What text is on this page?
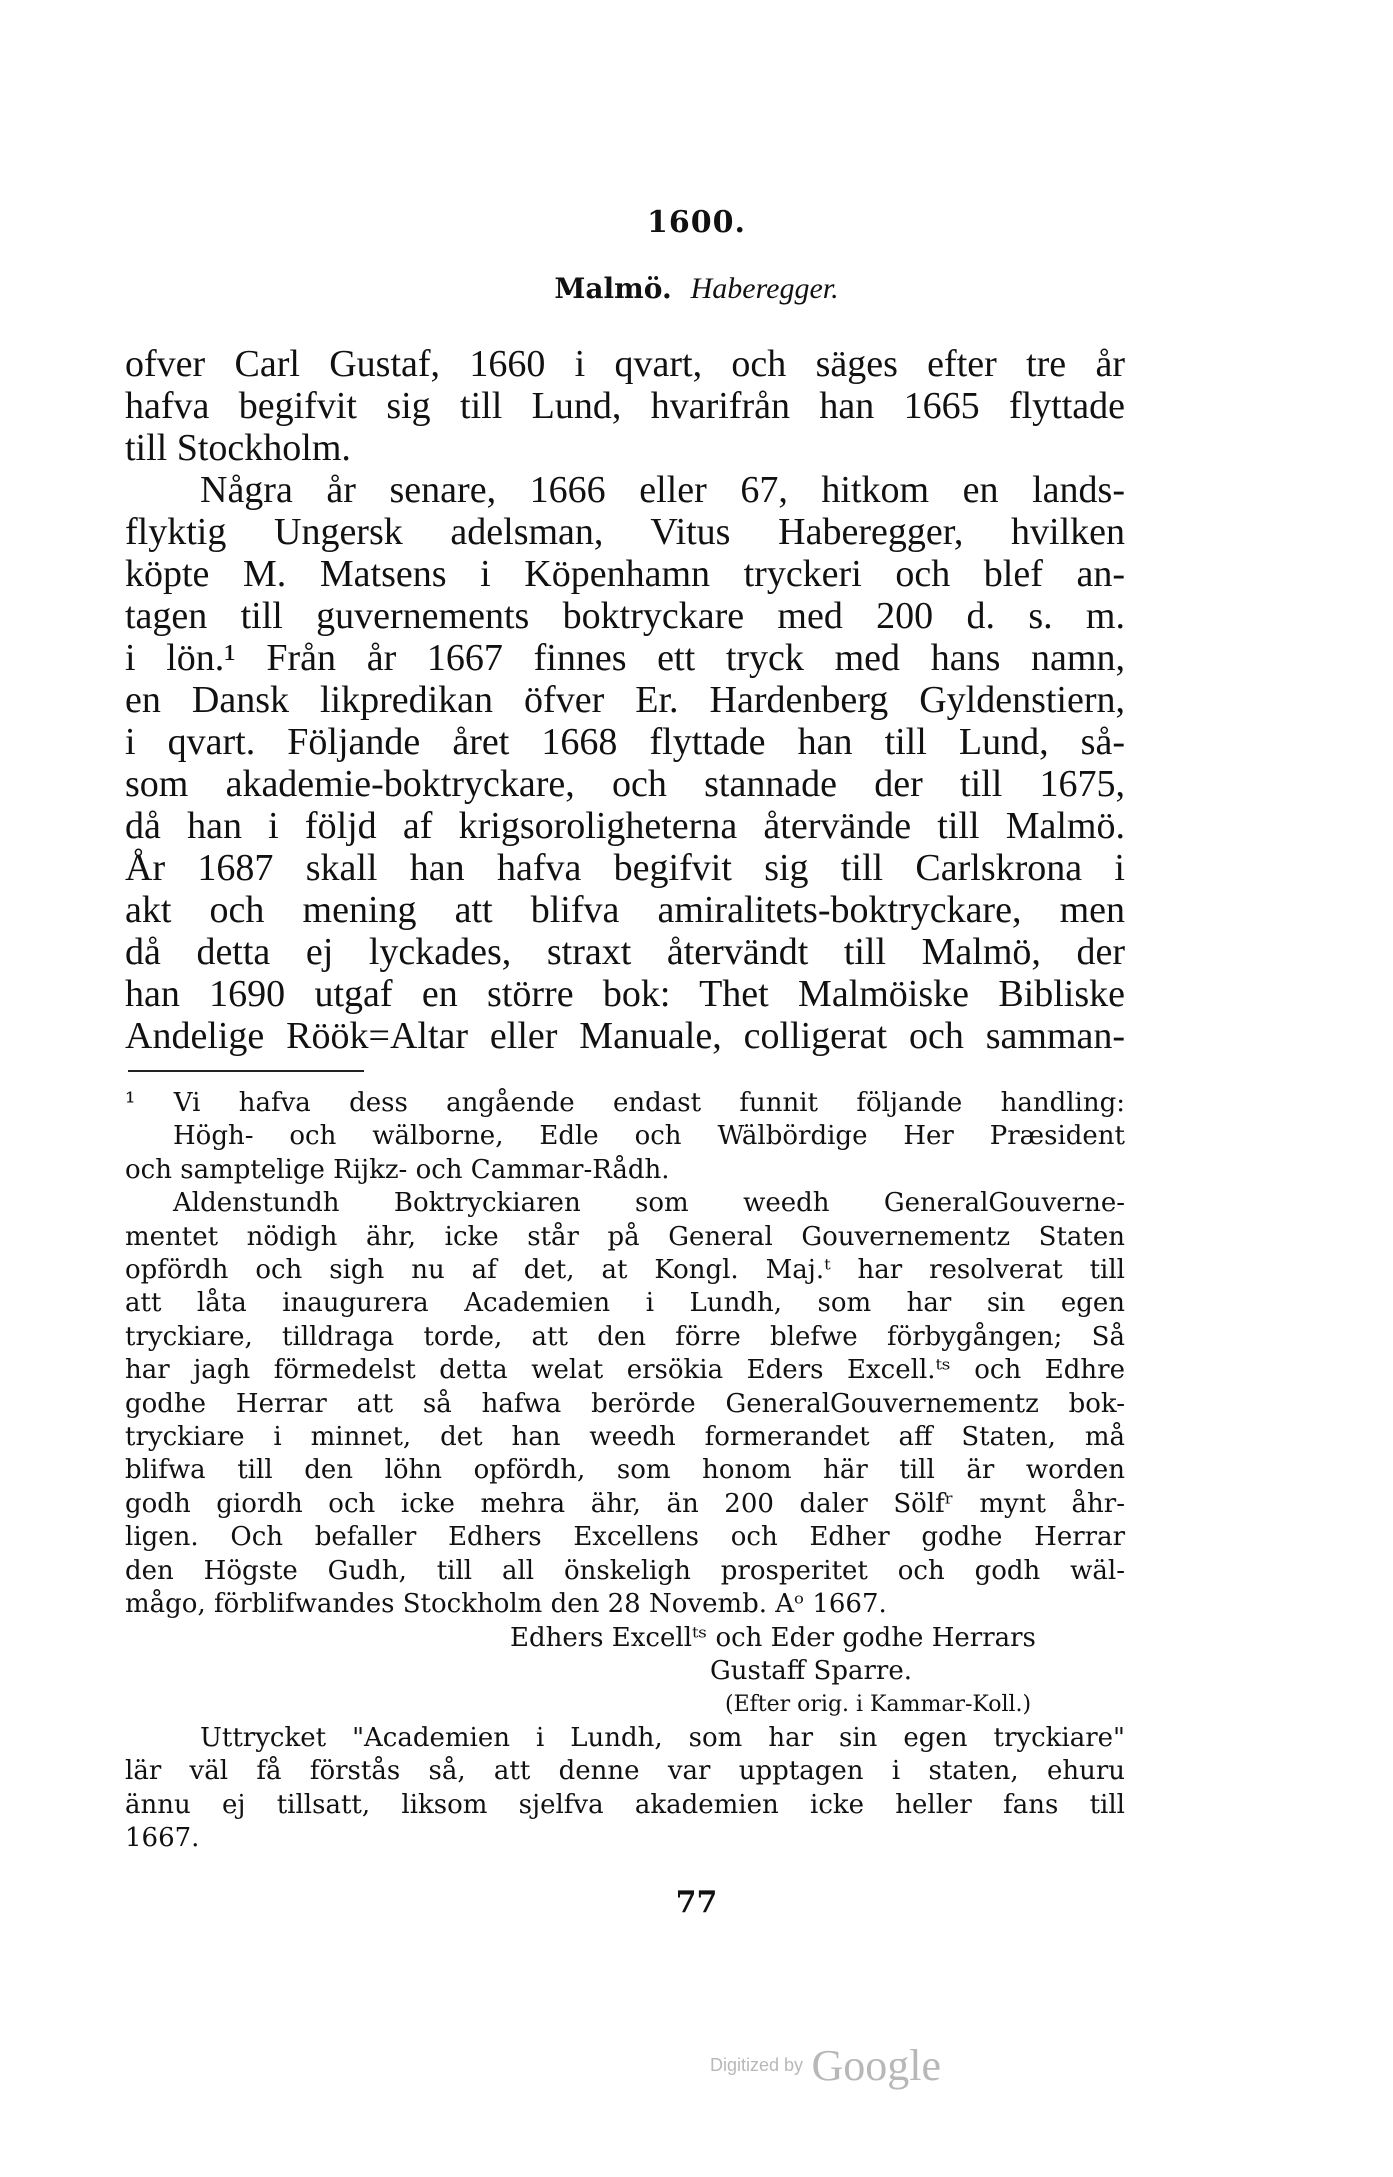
1600.
Malmö. Haberegger.
ofver Carl Gustaf, 1660 i qvart, och säges efter tre år
hafva begifvit sig till Lund, hvarifrån han 1665 flyttade
till Stockholm.
Några år senare, 1666 eller 67, hitkom en lands-
flyktig Ungersk adelsman, Vitus Haberegger, hvilken
köpte M. Matsens i Köpenhamn tryckeri och blef an-
tagen till guvernements boktryckare med 200 d. s. m.
i lön.¹ Från år 1667 finnes ett tryck med hans namn,
en Dansk likpredikan öfver Er. Hardenberg Gyldenstiern,
i qvart. Följande året 1668 flyttade han till Lund, så-
som akademie-boktryckare, och stannade der till 1675,
då han i följd af krigsoroligheterna återvände till Malmö.
År 1687 skall han hafva begifvit sig till Carlskrona i
akt och mening att blifva amiralitets-boktryckare, men
då detta ej lyckades, straxt återvändt till Malmö, der
han 1690 utgaf en större bok: Thet Malmöiske Bibliske
Andelige Röök=Altar eller Manuale, colligerat och samman-
¹ Vi hafva dess angående endast funnit följande handling:
Högh- och wälborne, Edle och Wälbördige Her Præsident
och samptelige Rijkz- och Cammar-Rådh.
Aldenstundh Boktryckiaren som weedh GeneralGouverne-
mentet nödigh ähr, icke står på General Gouvernementz Staten
opfördh och sigh nu af det, at Kongl. Maj.ᵗ har resolverat till
att låta inaugurera Academien i Lundh, som har sin egen
tryckiare, tilldraga torde, att den förre blefwe förbygången; Så
har jagh förmedelst detta welat ersökia Eders Excell.ᵗˢ och Edhre
godhe Herrar att så hafwa berörde GeneralGouvernementz bok-
tryckiare i minnet, det han weedh formerandet aff Staten, må
blifwa till den löhn opfördh, som honom här till är worden
godh giordh och icke mehra ähr, än 200 daler Sölfʳ mynt åhr-
ligen. Och befaller Edhers Excellens och Edher godhe Herrar
den Högste Gudh, till all önskeligh prosperitet och godh wäl-
mågo, förblifwandes Stockholm den 28 Novemb. Aᵒ 1667.
Edhers Excellᵗˢ och Eder godhe Herrars
Gustaff Sparre.
(Efter orig. i Kammar-Koll.)
Uttrycket "Academien i Lundh, som har sin egen tryckiare"
lär väl få förstås så, att denne var upptagen i staten, ehuru
ännu ej tillsatt, liksom sjelfva akademien icke heller fans till
1667.
77
Digitized by Google
